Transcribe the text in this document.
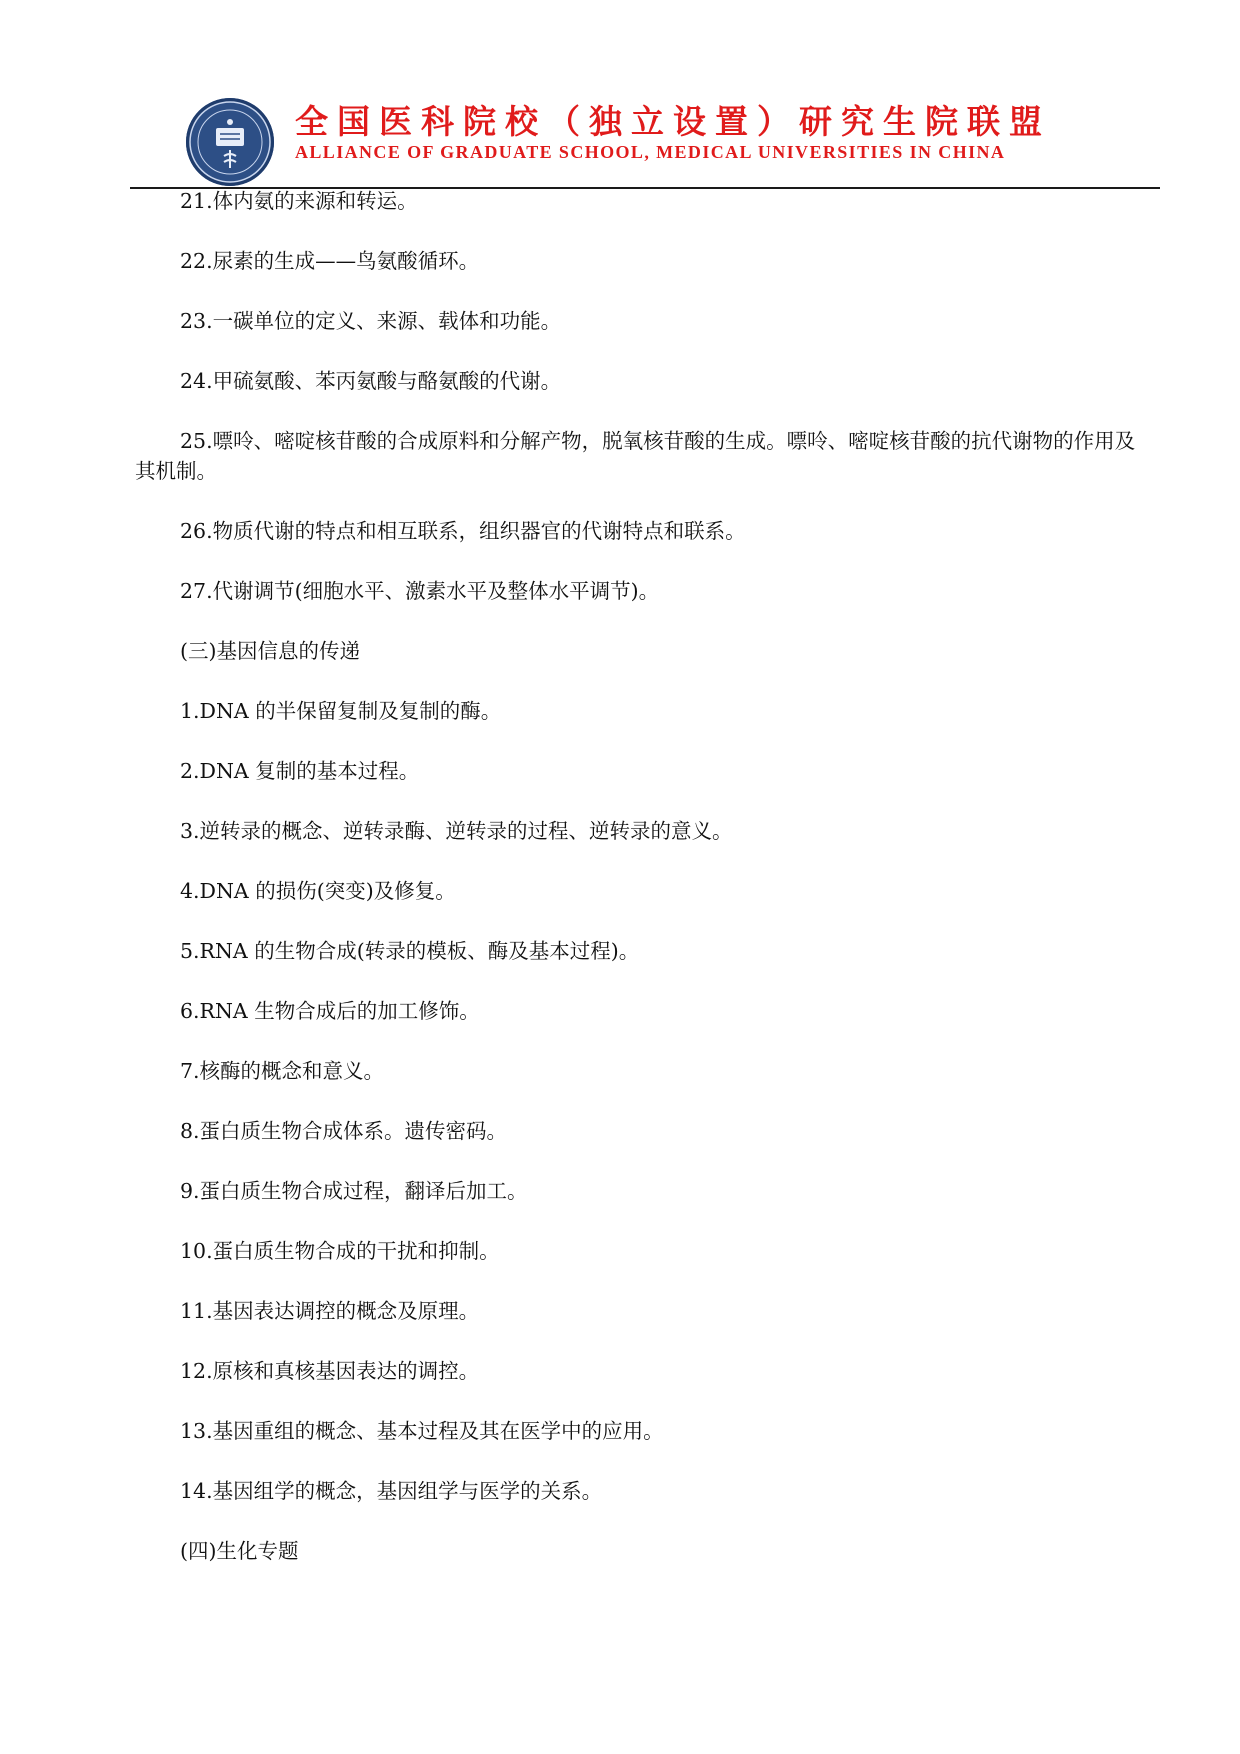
全国医科院校（独立设置）研究生院联盟
ALLIANCE OF GRADUATE SCHOOL, MEDICAL UNIVERSITIES IN CHINA
21.体内氨的来源和转运。
22.尿素的生成——鸟氨酸循环。
23.一碳单位的定义、来源、载体和功能。
24.甲硫氨酸、苯丙氨酸与酪氨酸的代谢。
25.嘌呤、嘧啶核苷酸的合成原料和分解产物，脱氧核苷酸的生成。嘌呤、嘧啶核苷酸的抗代谢物的作用及其机制。
26.物质代谢的特点和相互联系，组织器官的代谢特点和联系。
27.代谢调节(细胞水平、激素水平及整体水平调节)。
(三)基因信息的传递
1.DNA 的半保留复制及复制的酶。
2.DNA 复制的基本过程。
3.逆转录的概念、逆转录酶、逆转录的过程、逆转录的意义。
4.DNA 的损伤(突变)及修复。
5.RNA 的生物合成(转录的模板、酶及基本过程)。
6.RNA 生物合成后的加工修饰。
7.核酶的概念和意义。
8.蛋白质生物合成体系。遗传密码。
9.蛋白质生物合成过程，翻译后加工。
10.蛋白质生物合成的干扰和抑制。
11.基因表达调控的概念及原理。
12.原核和真核基因表达的调控。
13.基因重组的概念、基本过程及其在医学中的应用。
14.基因组学的概念，基因组学与医学的关系。
(四)生化专题
